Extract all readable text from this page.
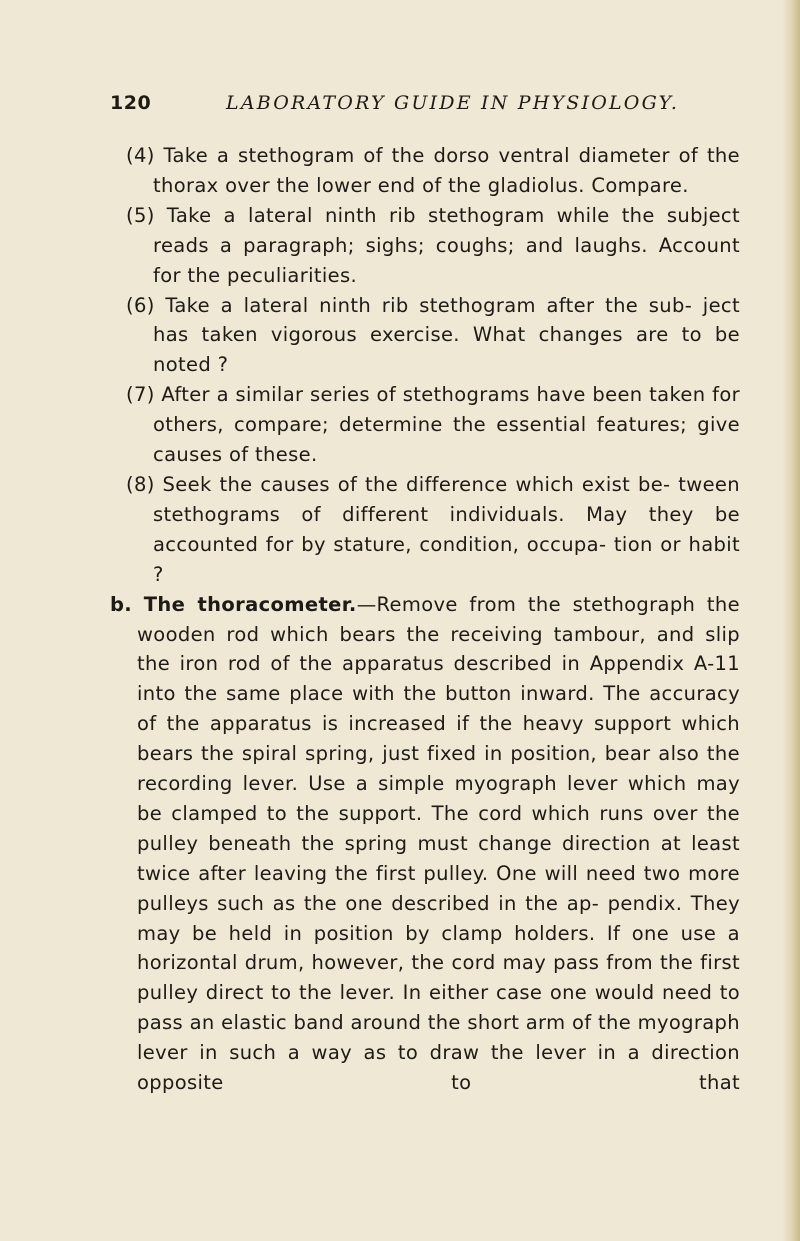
120	LABORATORY GUIDE IN PHYSIOLOGY.

(4) Take a stethogram of the dorso ventral diameter of the thorax over the lower end of the gladiolus. Compare.

(5) Take a lateral ninth rib stethogram while the subject reads a paragraph; sighs; coughs; and laughs. Account for the peculiarities.

(6) Take a lateral ninth rib stethogram after the sub- ject has taken vigorous exercise. What changes are to be noted ?

(7) After a similar series of stethograms have been taken for others, compare; determine the essential features; give causes of these.

(8) Seek the causes of the difference which exist be- tween stethograms of different individuals. May they be accounted for by stature, condition, occupa- tion or habit ?

b. The thoracometer.—Remove from the stethograph the wooden rod which bears the receiving tambour, and slip the iron rod of the apparatus described in Appendix A-11 into the same place with the button inward. The accuracy of the apparatus is increased if the heavy support which bears the spiral spring, just fixed in position, bear also the recording lever. Use a simple myograph lever which may be clamped to the support. The cord which runs over the pulley beneath the spring must change direction at least twice after leaving the first pulley. One will need two more pulleys such as the one described in the ap- pendix. They may be held in position by clamp holders. If one use a horizontal drum, however, the cord may pass from the first pulley direct to the lever. In either case one would need to pass an elastic band around the short arm of the myograph lever in such a way as to draw the lever in a direction opposite to that
